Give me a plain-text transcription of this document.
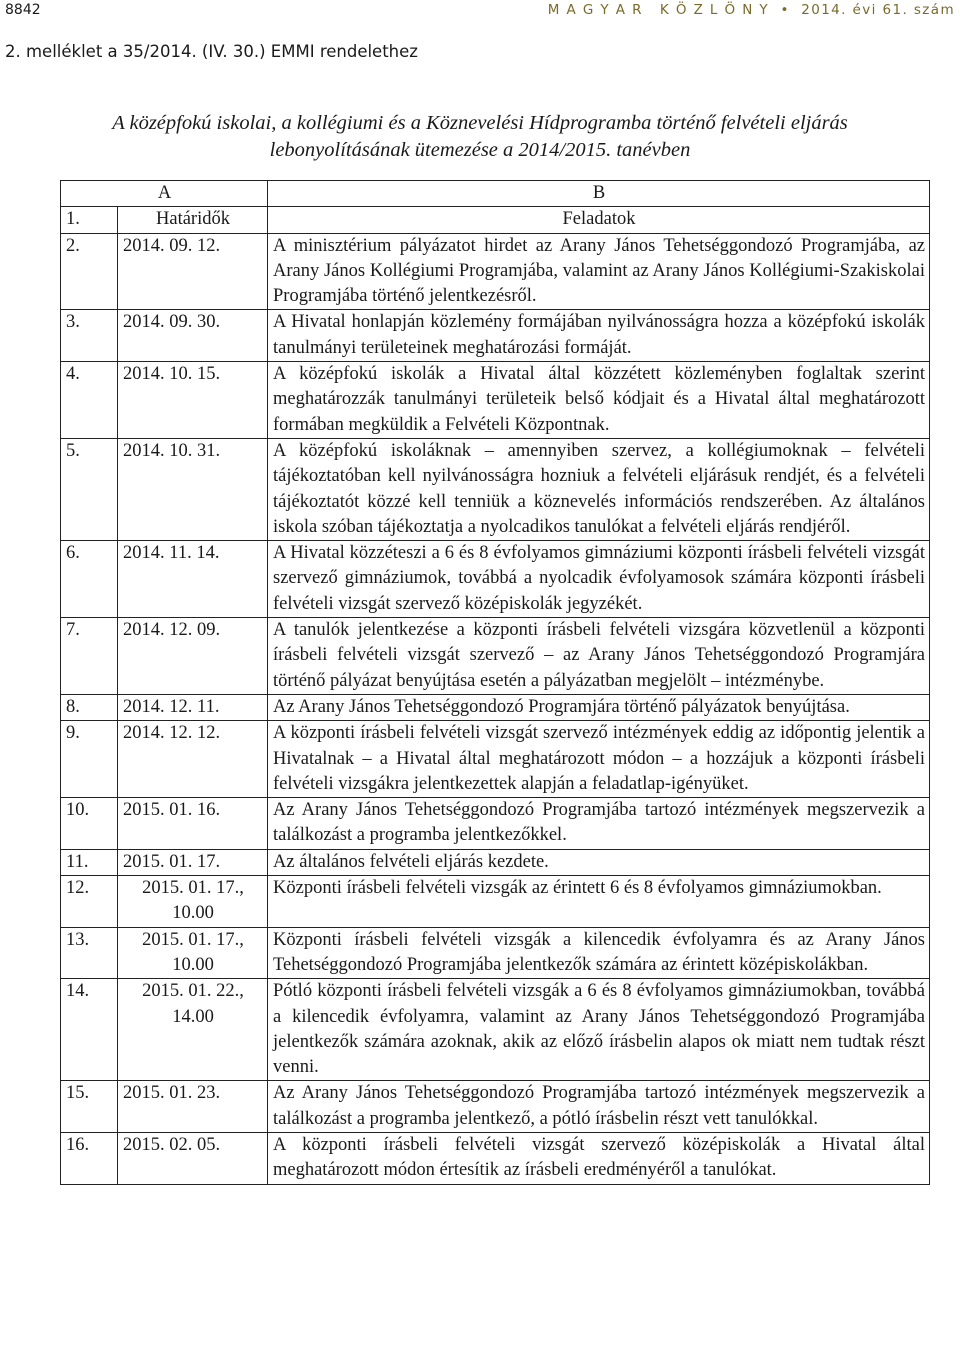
8842	M A G Y A R   K Ö Z L Ö N Y  •  2014. évi 61. szám
2. melléklet a 35/2014. (IV. 30.) EMMI rendelethez
A középfokú iskolai, a kollégiumi és a Köznevelési Hídprogramba történő felvételi eljárás
lebonyolításának ütemezése a 2014/2015. tanévben
A		B
1.	Határidők	Feladatok
2.	2014. 09. 12.	A minisztérium pályázatot hirdet az Arany János Tehetséggondozó Programjába, az Arany János Kollégiumi Programjába, valamint az Arany János Kollégiumi-Szakiskolai Programjába történő jelentkezésről.
3.	2014. 09. 30.	A Hivatal honlapján közlemény formájában nyilvánosságra hozza a középfokú iskolák tanulmányi területeinek meghatározási formáját.
4.	2014. 10. 15.	A középfokú iskolák a Hivatal által közzétett közleményben foglaltak szerint meghatározzák tanulmányi területeik belső kódjait és a Hivatal által meghatározott formában megküldik a Felvételi Központnak.
5.	2014. 10. 31.	A középfokú iskoláknak – amennyiben szervez, a kollégiumoknak – felvételi tájékoztatóban kell nyilvánosságra hozniuk a felvételi eljárásuk rendjét, és a felvételi tájékoztatót közzé kell tenniük a köznevelés információs rendszerében. Az általános iskola szóban tájékoztatja a nyolcadikos tanulókat a felvételi eljárás rendjéről.
6.	2014. 11. 14.	A Hivatal közzéteszi a 6 és 8 évfolyamos gimnáziumi központi írásbeli felvételi vizsgát szervező gimnáziumok, továbbá a nyolcadik évfolyamosok számára központi írásbeli felvételi vizsgát szervező középiskolák jegyzékét.
7.	2014. 12. 09.	A tanulók jelentkezése a központi írásbeli felvételi vizsgára közvetlenül a központi írásbeli felvételi vizsgát szervező – az Arany János Tehetséggondozó Programjára történő pályázat benyújtása esetén a pályázatban megjelölt – intézménybe.
8.	2014. 12. 11.	Az Arany János Tehetséggondozó Programjára történő pályázatok benyújtása.
9.	2014. 12. 12.	A központi írásbeli felvételi vizsgát szervező intézmények eddig az időpontig jelentik a Hivatalnak – a Hivatal által meghatározott módon – a hozzájuk a központi írásbeli felvételi vizsgákra jelentkezettek alapján a feladatlap-igényüket.
10.	2015. 01. 16.	Az Arany János Tehetséggondozó Programjába tartozó intézmények megszervezik a találkozást a programba jelentkezőkkel.
11.	2015. 01. 17.	Az általános felvételi eljárás kezdete.
12.	2015. 01. 17., 10.00	Központi írásbeli felvételi vizsgák az érintett 6 és 8 évfolyamos gimnáziumokban.
13.	2015. 01. 17., 10.00	Központi írásbeli felvételi vizsgák a kilencedik évfolyamra és az Arany János Tehetséggondozó Programjába jelentkezők számára az érintett középiskolákban.
14.	2015. 01. 22., 14.00	Pótló központi írásbeli felvételi vizsgák a 6 és 8 évfolyamos gimnáziumokban, továbbá a kilencedik évfolyamra, valamint az Arany János Tehetséggondozó Programjába jelentkezők számára azoknak, akik az előző írásbelin alapos ok miatt nem tudtak részt venni.
15.	2015. 01. 23.	Az Arany János Tehetséggondozó Programjába tartozó intézmények megszervezik a találkozást a programba jelentkező, a pótló írásbelin részt vett tanulókkal.
16.	2015. 02. 05.	A központi írásbeli felvételi vizsgát szervező középiskolák a Hivatal által meghatározott módon értesítik az írásbeli eredményéről a tanulókat.
